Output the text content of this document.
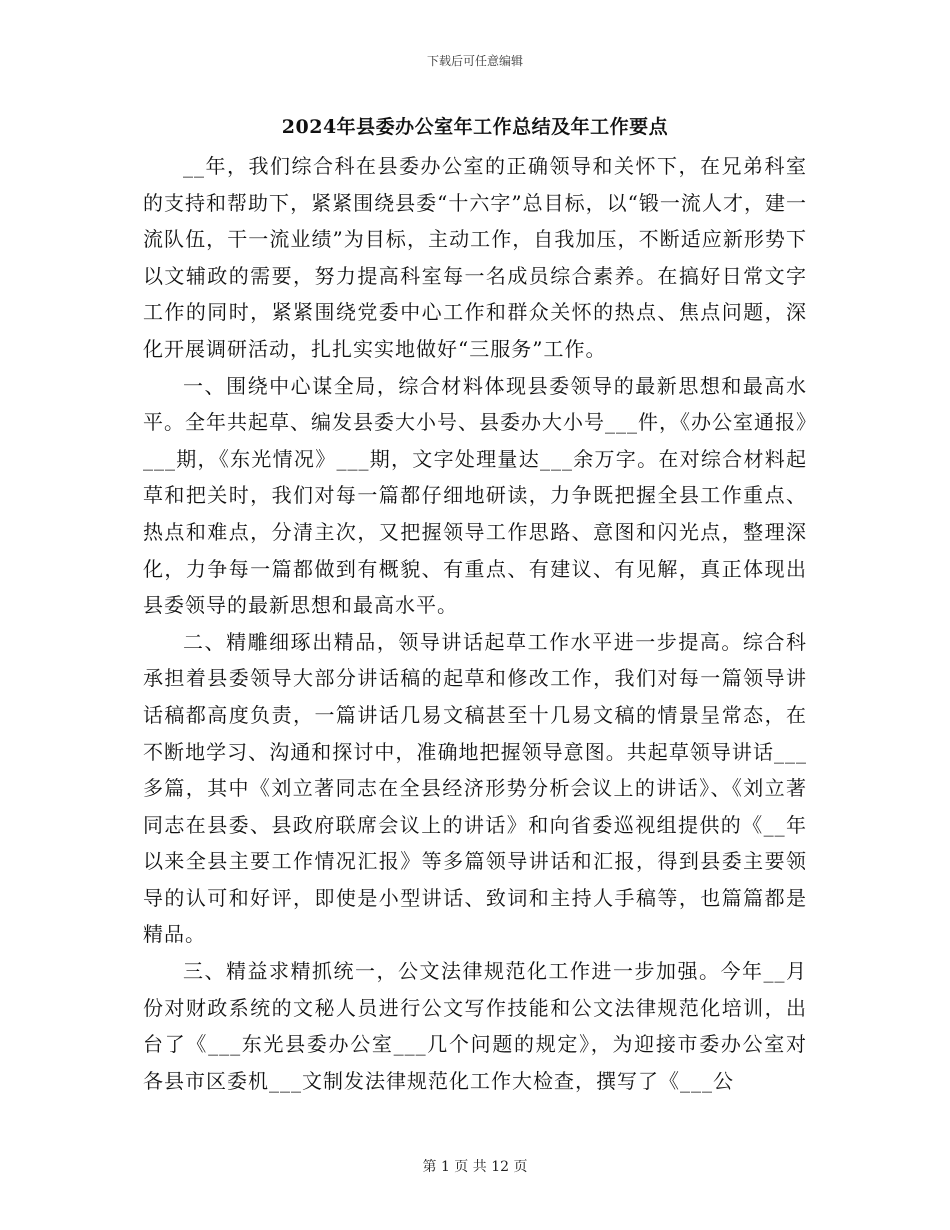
下载后可任意编辑
2024年县委办公室年工作总结及年工作要点

__年，我们综合科在县委办公室的正确领导和关怀下，在兄弟科室的支持和帮助下，紧紧围绕县委“十六字”总目标，以“锻一流人才，建一流队伍，干一流业绩”为目标，主动工作，自我加压，不断适应新形势下以文辅政的需要，努力提高科室每一名成员综合素养。在搞好日常文字工作的同时，紧紧围绕党委中心工作和群众关怀的热点、焦点问题，深化开展调研活动，扎扎实实地做好“三服务”工作。

一、围绕中心谋全局，综合材料体现县委领导的最新思想和最高水平。全年共起草、编发县委大小号、县委办大小号___件，《办公室通报》___期，《东光情况》___期，文字处理量达___余万字。在对综合材料起草和把关时，我们对每一篇都仔细地研读，力争既把握全县工作重点、热点和难点，分清主次，又把握领导工作思路、意图和闪光点，整理深化，力争每一篇都做到有概貌、有重点、有建议、有见解，真正体现出县委领导的最新思想和最高水平。

二、精雕细琢出精品，领导讲话起草工作水平进一步提高。综合科承担着县委领导大部分讲话稿的起草和修改工作，我们对每一篇领导讲话稿都高度负责，一篇讲话几易文稿甚至十几易文稿的情景呈常态，在不断地学习、沟通和探讨中，准确地把握领导意图。共起草领导讲话___多篇，其中《刘立著同志在全县经济形势分析会议上的讲话》、《刘立著同志在县委、县政府联席会议上的讲话》和向省委巡视组提供的《__年以来全县主要工作情况汇报》等多篇领导讲话和汇报，得到县委主要领导的认可和好评，即使是小型讲话、致词和主持人手稿等，也篇篇都是精品。

三、精益求精抓统一，公文法律规范化工作进一步加强。今年__月份对财政系统的文秘人员进行公文写作技能和公文法律规范化培训，出台了《___东光县委办公室___几个问题的规定》，为迎接市委办公室对各县市区委机___文制发法律规范化工作大检查，撰写了《___公

第 1 页 共 12 页
